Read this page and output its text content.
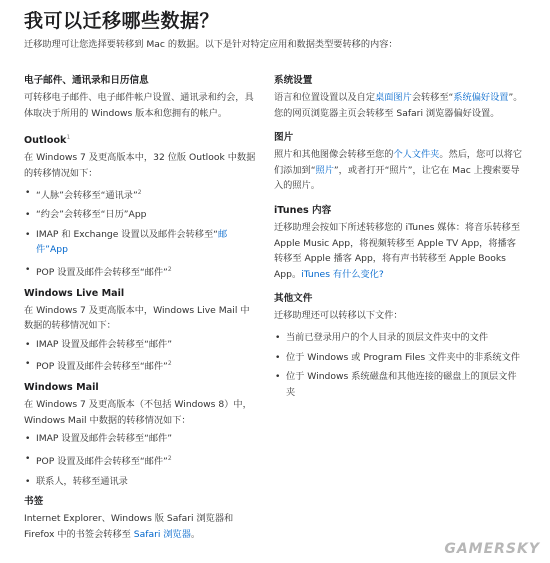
我可以迁移哪些数据？
迁移助理可让您选择要转移到 Mac 的数据。以下是针对特定应用和数据类型要转移的内容：
电子邮件、通讯录和日历信息

可转移电子邮件、电子邮件帐户设置、通讯录和约会，具体取决于所用的 Windows 版本和您拥有的帐户。

Outlook$^1$

在 Windows 7 及更高版本中，32 位版 Outlook 中数据的转移情况如下：

• “人脉”会转移至“通讯录”$^2$
• “约会”会转移至“日历”App
• IMAP 和 Exchange 设置以及邮件会转移至“邮件”App
• POP 设置及邮件会转移至“邮件”$^2$
Windows Live Mail

在 Windows 7 及更高版本中，Windows Live Mail 中数据的转移情况如下：

• IMAP 设置及邮件会转移至“邮件”
• POP 设置及邮件会转移至“邮件”$^2$
Windows Mail

在 Windows 7 及更高版本（不包括 Windows 8）中，Windows Mail 中数据的转移情况如下：

• IMAP 设置及邮件会转移至“邮件”
• POP 设置及邮件会转移至“邮件”$^2$
• 联系人，转移至通讯录
书签

Internet Explorer、Windows 版 Safari 浏览器和 Firefox 中的书签会转移至 Safari 浏览器。

系统设置

语言和位置设置以及自定桌面图片会转移至“系统偏好设置”。您的网页浏览器主页会转移至 Safari 浏览器偏好设置。

图片

照片和其他图像会转移至您的个人文件夹。然后，您可以将它们添加到“照片”，或者打开“照片”，让它在 Mac 上搜索要导入的照片。

iTunes 内容

迁移助理会按如下所述转移您的 iTunes 媒体：将音乐转移至 Apple Music App，将视频转移至 Apple TV App，将播客转移至 Apple 播客 App，将有声书转移至 Apple Books App。iTunes 有什么变化?

其他文件

迁移助理还可以转移以下文件：

• 当前已登录用户的个人目录的顶层文件夹中的文件
• 位于 Windows 或 Program Files 文件夹中的非系统文件
• 位于 Windows 系统磁盘和其他连接的磁盘上的顶层文件夹
GAMERSKY
